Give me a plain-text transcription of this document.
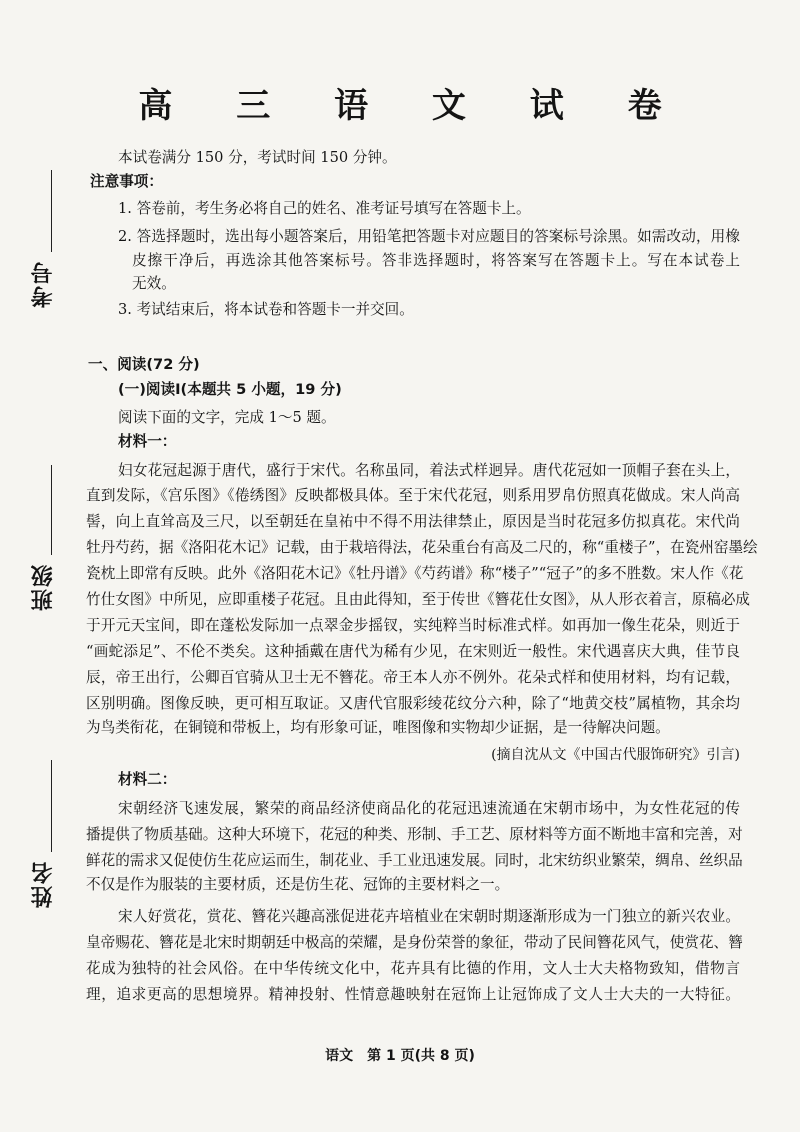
考号
班级
姓名
高 三 语 文 试 卷
本试卷满分 150 分，考试时间 150 分钟。
注意事项：
1. 答卷前，考生务必将自己的姓名、准考证号填写在答题卡上。
2. 答选择题时，选出每小题答案后，用铅笔把答题卡对应题目的答案标号涂黑。如需改动，用橡
皮擦干净后，再选涂其他答案标号。答非选择题时，将答案写在答题卡上。写在本试卷上
无效。
3. 考试结束后，将本试卷和答题卡一并交回。
一、阅读(72 分)
(一)阅读Ⅰ(本题共 5 小题，19 分)
阅读下面的文字，完成 1～5 题。
材料一：
妇女花冠起源于唐代，盛行于宋代。名称虽同，着法式样迥异。唐代花冠如一顶帽子套在头上，
直到发际，《宫乐图》《倦绣图》反映都极具体。至于宋代花冠，则系用罗帛仿照真花做成。宋人尚高
髻，向上直耸高及三尺，以至朝廷在皇祐中不得不用法律禁止，原因是当时花冠多仿拟真花。宋代尚
牡丹芍药，据《洛阳花木记》记载，由于栽培得法，花朵重台有高及二尺的，称“重楼子”，在瓷州窑墨绘
瓷枕上即常有反映。此外《洛阳花木记》《牡丹谱》《芍药谱》称“楼子”“冠子”的多不胜数。宋人作《花
竹仕女图》中所见，应即重楼子花冠。且由此得知，至于传世《簪花仕女图》，从人形衣着言，原稿必成
于开元天宝间，即在蓬松发际加一点翠金步摇钗，实纯粹当时标准式样。如再加一像生花朵，则近于
“画蛇添足”、不伦不类矣。这种插戴在唐代为稀有少见，在宋则近一般性。宋代遇喜庆大典，佳节良
辰，帝王出行，公卿百官骑从卫士无不簪花。帝王本人亦不例外。花朵式样和使用材料，均有记载，
区别明确。图像反映，更可相互取证。又唐代官服彩绫花纹分六种，除了“地黄交枝”属植物，其余均
为鸟类衔花，在铜镜和带板上，均有形象可证，唯图像和实物却少证据，是一待解决问题。
(摘自沈从文《中国古代服饰研究》引言)
材料二：
宋朝经济飞速发展，繁荣的商品经济使商品化的花冠迅速流通在宋朝市场中，为女性花冠的传
播提供了物质基础。这种大环境下，花冠的种类、形制、手工艺、原材料等方面不断地丰富和完善，对
鲜花的需求又促使仿生花应运而生，制花业、手工业迅速发展。同时，北宋纺织业繁荣，绸帛、丝织品
不仅是作为服装的主要材质，还是仿生花、冠饰的主要材料之一。
宋人好赏花，赏花、簪花兴趣高涨促进花卉培植业在宋朝时期逐渐形成为一门独立的新兴农业。
皇帝赐花、簪花是北宋时期朝廷中极高的荣耀，是身份荣誉的象征，带动了民间簪花风气，使赏花、簪
花成为独特的社会风俗。在中华传统文化中，花卉具有比德的作用，文人士大夫格物致知，借物言
理，追求更高的思想境界。精神投射、性情意趣映射在冠饰上让冠饰成了文人士大夫的一大特征。
语文　第 1 页(共 8 页)
